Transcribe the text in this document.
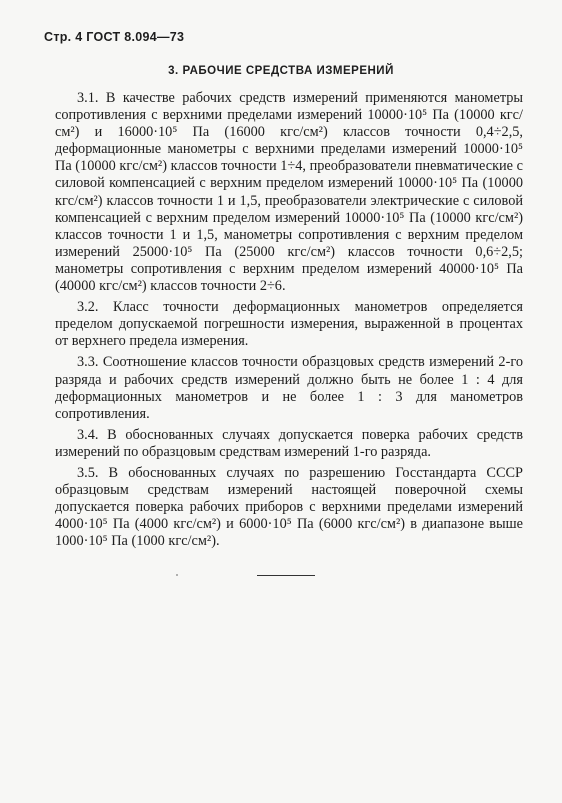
Стр. 4 ГОСТ 8.094—73
3. РАБОЧИЕ СРЕДСТВА ИЗМЕРЕНИЙ

3.1. В качестве рабочих средств измерений применяются манометры сопротивления с верхними пределами измерений 10000·10⁵ Па (10000 кгс/см²) и 16000·10⁵ Па (16000 кгс/см²) классов точности 0,4÷2,5, деформационные манометры с верхними пределами измерений 10000·10⁵ Па (10000 кгс/см²) классов точности 1÷4, преобразователи пневматические с силовой компенсацией с верхним пределом измерений 10000·10⁵ Па (10000 кгс/см²) классов точности 1 и 1,5, преобразователи электрические с силовой компенсацией с верхним пределом измерений 10000·10⁵ Па (10000 кгс/см²) классов точности 1 и 1,5, манометры сопротивления с верхним пределом измерений 25000·10⁵ Па (25000 кгс/см²) классов точности 0,6÷2,5; манометры сопротивления с верхним пределом измерений 40000·10⁵ Па (40000 кгс/см²) классов точности 2÷6.

3.2. Класс точности деформационных манометров определяется пределом допускаемой погрешности измерения, выраженной в процентах от верхнего предела измерения.

3.3. Соотношение классов точности образцовых средств измерений 2-го разряда и рабочих средств измерений должно быть не более 1 : 4 для деформационных манометров и не более 1 : 3 для манометров сопротивления.

3.4. В обоснованных случаях допускается поверка рабочих средств измерений по образцовым средствам измерений 1-го разряда.

3.5. В обоснованных случаях по разрешению Госстандарта СССР образцовым средствам измерений настоящей поверочной схемы допускается поверка рабочих приборов с верхними пределами измерений 4000·10⁵ Па (4000 кгс/см²) и 6000·10⁵ Па (6000 кгс/см²) в диапазоне выше 1000·10⁵ Па (1000 кгс/см²).
